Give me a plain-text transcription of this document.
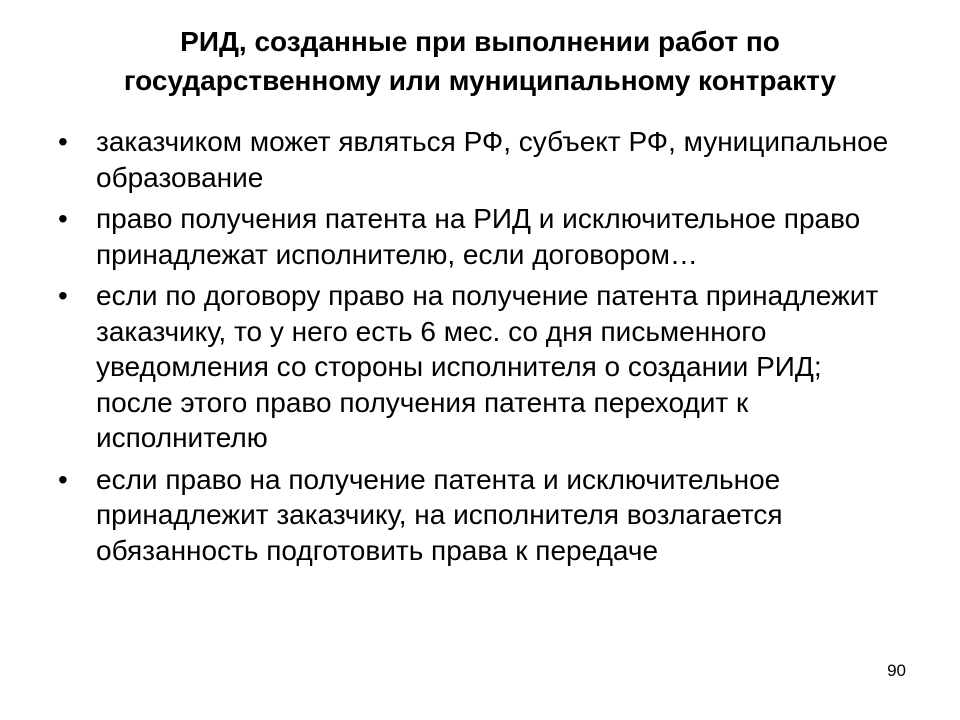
РИД, созданные при выполнении работ по
государственному или муниципальному контракту
• заказчиком может являться РФ, субъект РФ, муниципальное образование
• право получения патента на РИД и исключительное право принадлежат исполнителю, если договором…
• если по договору право на получение патента принадлежит заказчику, то у него есть 6 мес. со дня письменного уведомления со стороны исполнителя о создании РИД; после этого право получения патента переходит к исполнителю
• если право на получение патента и исключительное принадлежит заказчику, на исполнителя возлагается обязанность подготовить права к передаче
90
